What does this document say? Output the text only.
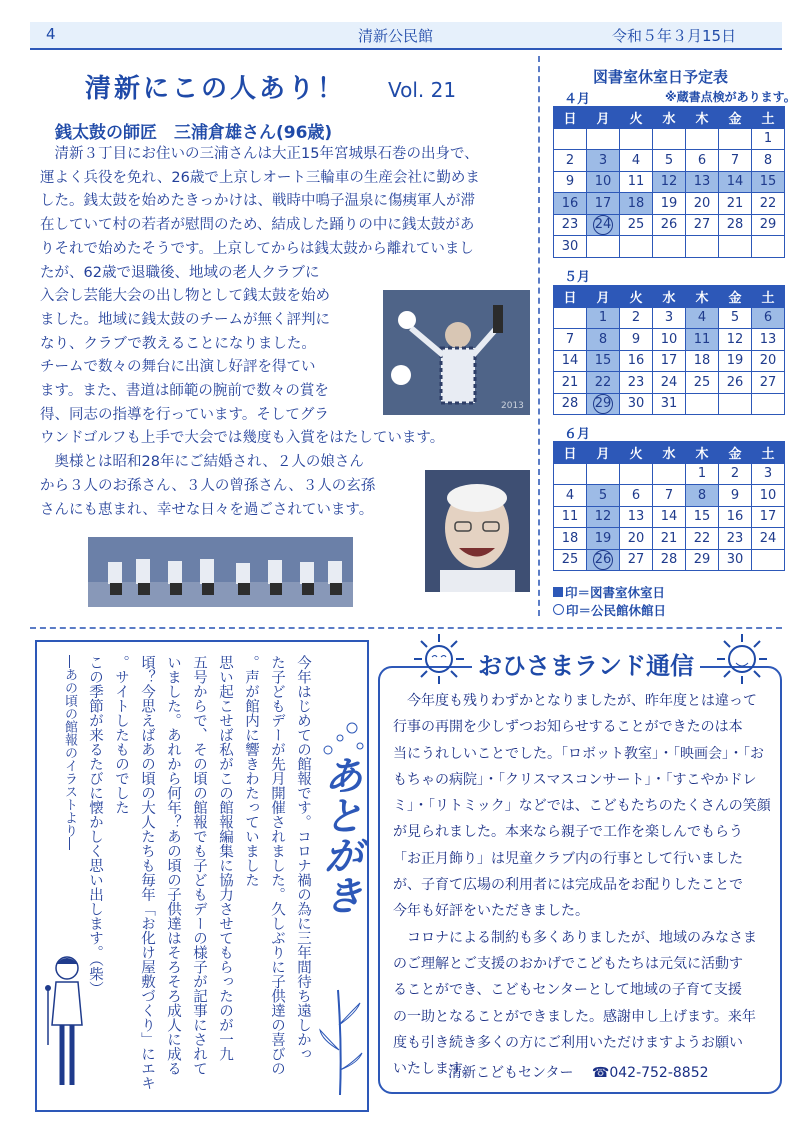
4	清新公民館	令和５年３月15日
清新にこの人あり！ Vol. 21
銭太鼓の師匠　三浦倉雄さん(96歳)
　清新３丁目にお住いの三浦さんは大正15年宮城県石巻の出身で、
運よく兵役を免れ、26歳で上京しオート三輪車の生産会社に勤めま
した。銭太鼓を始めたきっかけは、戦時中鳴子温泉に傷痍軍人が滞
在していて村の若者が慰問のため、結成した踊りの中に銭太鼓があ
りそれで始めたそうです。上京してからは銭太鼓から離れていまし
たが、62歳で退職後、地域の老人クラブに
入会し芸能大会の出し物として銭太鼓を始め
ました。地域に銭太鼓のチームが無く評判に
なり、クラブで教えることになりました。
チームで数々の舞台に出演し好評を得てい
ます。また、書道は師範の腕前で数々の賞を
得、同志の指導を行っています。そしてグラ
ウンドゴルフも上手で大会では幾度も入賞をはたしています。
　奥様とは昭和28年にご結婚され、２人の娘さん
から３人のお孫さん、３人の曾孫さん、３人の玄孫
さんにも恵まれ、幸せな日々を過ごされています。
2013
図書室休室日予定表
※蔵書点検があります。
４月
日	月	火	水	木	金	土
						1
2	3	4	5	6	7	8
9	10	11	12	13	14	15
16	17	18	19	20	21	22
23	24	25	26	27	28	29
30						
５月
日	月	火	水	木	金	土
	1	2	3	4	5	6
7	8	9	10	11	12	13
14	15	16	17	18	19	20
21	22	23	24	25	26	27
28	29	30	31			
６月
日	月	火	水	木	金	土
				1	2	3
4	5	6	7	8	9	10
11	12	13	14	15	16	17
18	19	20	21	22	23	24
25	26	27	28	29	30	
印＝図書室休室日
印＝公民館休館日
今年はじめての館報です。コロナ禍の為に三年間待ち遠しかっ
た子どもデーが先月開催されました。久しぶりに子供達の喜びの
声が館内に響きわたっていました。
　思い起こせば私がこの館報編集に協力させてもらったのが一九
五号からで、その頃の館報でも子どもデーの様子が記事にされて
いました。あれから何年？あの頃の子供達はそろそろ成人に成る
頃？今思えばあの頃の大人たちも毎年「お化け屋敷づくり」にエキ
サイトしたものでした。
　この季節が来るたびに懐かしく思い出します。（柴）
　　―あの頃の館報のイラストより―	あとがき
おひさまランド通信
　今年度も残りわずかとなりましたが、昨年度とは違って
行事の再開を少しずつお知らせすることができたのは本
当にうれしいことでした。「ロボット教室」・「映画会」・「お
もちゃの病院」・「クリスマスコンサート」・「すこやかドレ
ミ」・「リトミック」などでは、こどもたちのたくさんの笑顔
が見られました。本来なら親子で工作を楽しんでもらう
「お正月飾り」は児童クラブ内の行事として行いました
が、子育て広場の利用者には完成品をお配りしたことで
今年も好評をいただきました。
　コロナによる制約も多くありましたが、地域のみなさま
のご理解とご支援のおかげでこどもたちは元気に活動す
ることができ、こどもセンターとして地域の子育て支援
の一助となることができました。感謝申し上げます。来年
度も引き続き多くの方にご利用いただけますようお願い
いたします。
清新こどもセンター ☎042-752-8852
